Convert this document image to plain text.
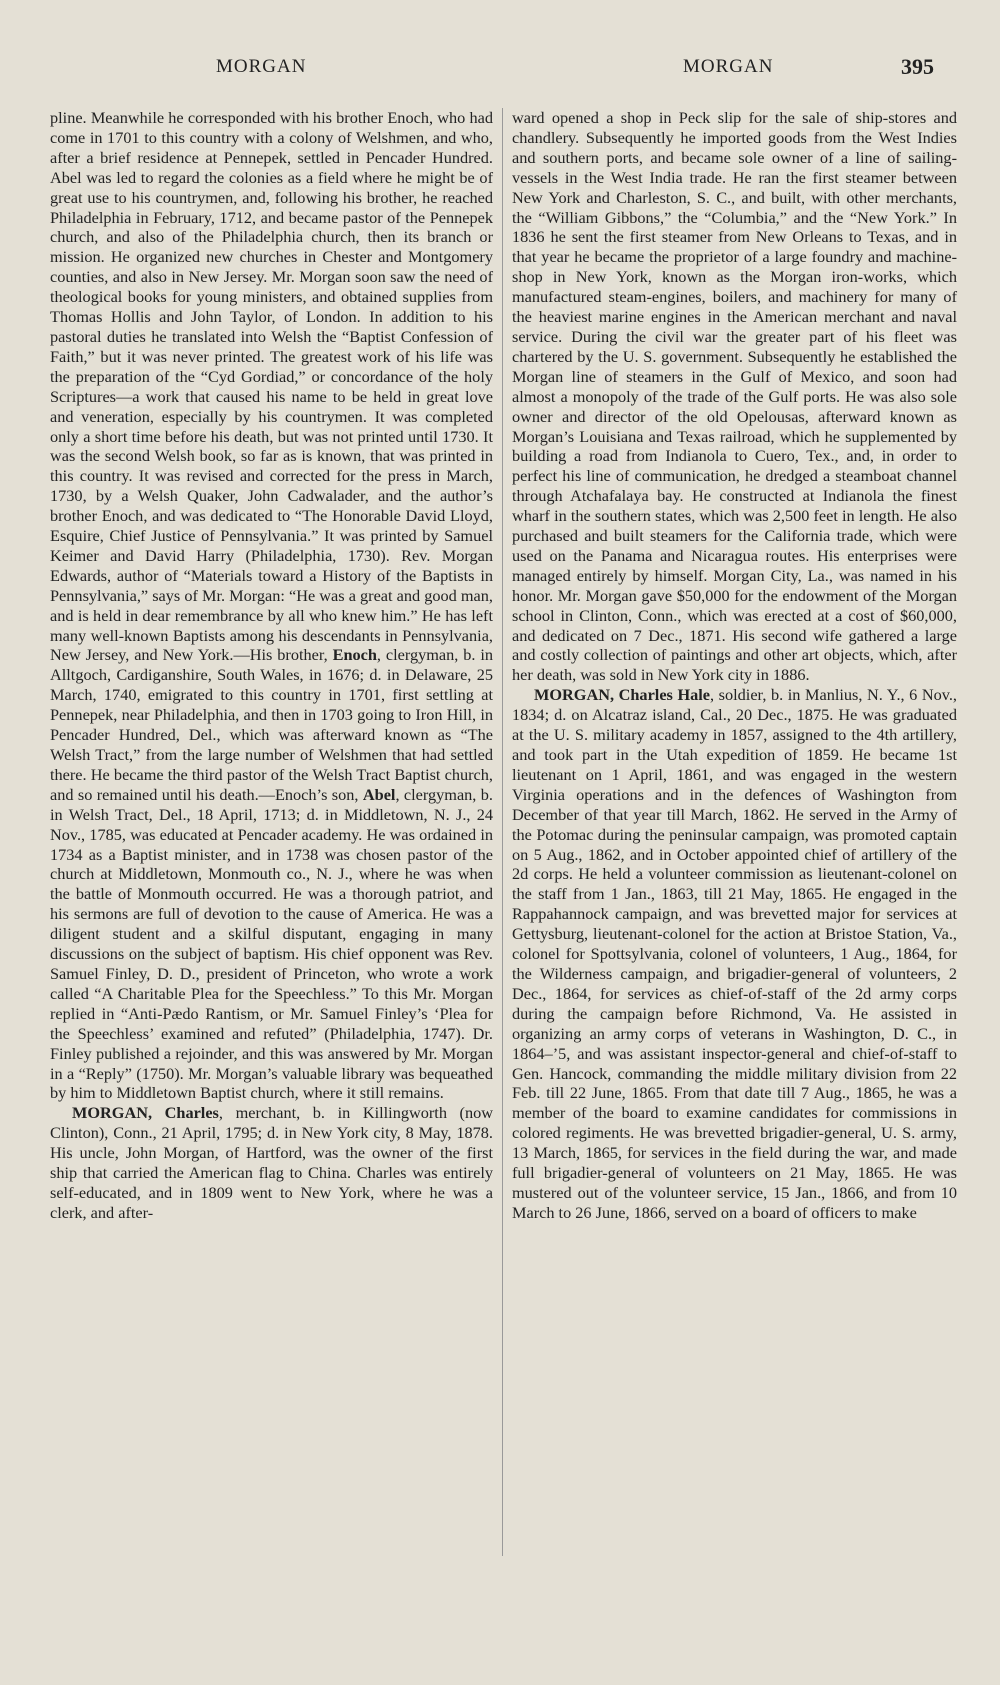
MORGAN	MORGAN	395

pline. Meanwhile he corresponded with his brother Enoch, who had come in 1701 to this country with a colony of Welshmen, and who, after a brief residence at Pennepek, settled in Pencader Hundred. Abel was led to regard the colonies as a field where he might be of great use to his countrymen, and, following his brother, he reached Philadelphia in February, 1712, and became pastor of the Pennepek church, and also of the Philadelphia church, then its branch or mission. He organized new churches in Chester and Montgomery counties, and also in New Jersey. Mr. Morgan soon saw the need of theological books for young ministers, and obtained supplies from Thomas Hollis and John Taylor, of London. In addition to his pastoral duties he translated into Welsh the “Baptist Confession of Faith,” but it was never printed. The greatest work of his life was the preparation of the “Cyd Gordiad,” or concordance of the holy Scriptures—a work that caused his name to be held in great love and veneration, especially by his countrymen. It was completed only a short time before his death, but was not printed until 1730. It was the second Welsh book, so far as is known, that was printed in this country. It was revised and corrected for the press in March, 1730, by a Welsh Quaker, John Cadwalader, and the author’s brother Enoch, and was dedicated to “The Honorable David Lloyd, Esquire, Chief Justice of Pennsylvania.” It was printed by Samuel Keimer and David Harry (Philadelphia, 1730). Rev. Morgan Edwards, author of “Materials toward a History of the Baptists in Pennsylvania,” says of Mr. Morgan: “He was a great and good man, and is held in dear remembrance by all who knew him.” He has left many well-known Baptists among his descendants in Pennsylvania, New Jersey, and New York.—His brother, Enoch, clergyman, b. in Alltgoch, Cardiganshire, South Wales, in 1676; d. in Delaware, 25 March, 1740, emigrated to this country in 1701, first settling at Pennepek, near Philadelphia, and then in 1703 going to Iron Hill, in Pencader Hundred, Del., which was afterward known as “The Welsh Tract,” from the large number of Welshmen that had settled there. He became the third pastor of the Welsh Tract Baptist church, and so remained until his death.—Enoch’s son, Abel, clergyman, b. in Welsh Tract, Del., 18 April, 1713; d. in Middletown, N. J., 24 Nov., 1785, was educated at Pencader academy. He was ordained in 1734 as a Baptist minister, and in 1738 was chosen pastor of the church at Middletown, Monmouth co., N. J., where he was when the battle of Monmouth occurred. He was a thorough patriot, and his sermons are full of devotion to the cause of America. He was a diligent student and a skilful disputant, engaging in many discussions on the subject of baptism. His chief opponent was Rev. Samuel Finley, D. D., president of Princeton, who wrote a work called “A Charitable Plea for the Speechless.” To this Mr. Morgan replied in “Anti-Pædo Rantism, or Mr. Samuel Finley’s ‘Plea for the Speechless’ examined and refuted” (Philadelphia, 1747). Dr. Finley published a rejoinder, and this was answered by Mr. Morgan in a “Reply” (1750). Mr. Morgan’s valuable library was bequeathed by him to Middletown Baptist church, where it still remains.

MORGAN, Charles, merchant, b. in Killingworth (now Clinton), Conn., 21 April, 1795; d. in New York city, 8 May, 1878. His uncle, John Morgan, of Hartford, was the owner of the first ship that carried the American flag to China. Charles was entirely self-educated, and in 1809 went to New York, where he was a clerk, and after-

ward opened a shop in Peck slip for the sale of ship-stores and chandlery. Subsequently he imported goods from the West Indies and southern ports, and became sole owner of a line of sailing-vessels in the West India trade. He ran the first steamer between New York and Charleston, S. C., and built, with other merchants, the “William Gibbons,” the “Columbia,” and the “New York.” In 1836 he sent the first steamer from New Orleans to Texas, and in that year he became the proprietor of a large foundry and machine-shop in New York, known as the Morgan iron-works, which manufactured steam-engines, boilers, and machinery for many of the heaviest marine engines in the American merchant and naval service. During the civil war the greater part of his fleet was chartered by the U. S. government. Subsequently he established the Morgan line of steamers in the Gulf of Mexico, and soon had almost a monopoly of the trade of the Gulf ports. He was also sole owner and director of the old Opelousas, afterward known as Morgan’s Louisiana and Texas railroad, which he supplemented by building a road from Indianola to Cuero, Tex., and, in order to perfect his line of communication, he dredged a steamboat channel through Atchafalaya bay. He constructed at Indianola the finest wharf in the southern states, which was 2,500 feet in length. He also purchased and built steamers for the California trade, which were used on the Panama and Nicaragua routes. His enterprises were managed entirely by himself. Morgan City, La., was named in his honor. Mr. Morgan gave $50,000 for the endowment of the Morgan school in Clinton, Conn., which was erected at a cost of $60,000, and dedicated on 7 Dec., 1871. His second wife gathered a large and costly collection of paintings and other art objects, which, after her death, was sold in New York city in 1886.

MORGAN, Charles Hale, soldier, b. in Manlius, N. Y., 6 Nov., 1834; d. on Alcatraz island, Cal., 20 Dec., 1875. He was graduated at the U. S. military academy in 1857, assigned to the 4th artillery, and took part in the Utah expedition of 1859. He became 1st lieutenant on 1 April, 1861, and was engaged in the western Virginia operations and in the defences of Washington from December of that year till March, 1862. He served in the Army of the Potomac during the peninsular campaign, was promoted captain on 5 Aug., 1862, and in October appointed chief of artillery of the 2d corps. He held a volunteer commission as lieutenant-colonel on the staff from 1 Jan., 1863, till 21 May, 1865. He engaged in the Rappahannock campaign, and was brevetted major for services at Gettysburg, lieutenant-colonel for the action at Bristoe Station, Va., colonel for Spottsylvania, colonel of volunteers, 1 Aug., 1864, for the Wilderness campaign, and brigadier-general of volunteers, 2 Dec., 1864, for services as chief-of-staff of the 2d army corps during the campaign before Richmond, Va. He assisted in organizing an army corps of veterans in Washington, D. C., in 1864–’5, and was assistant inspector-general and chief-of-staff to Gen. Hancock, commanding the middle military division from 22 Feb. till 22 June, 1865. From that date till 7 Aug., 1865, he was a member of the board to examine candidates for commissions in colored regiments. He was brevetted brigadier-general, U. S. army, 13 March, 1865, for services in the field during the war, and made full brigadier-general of volunteers on 21 May, 1865. He was mustered out of the volunteer service, 15 Jan., 1866, and from 10 March to 26 June, 1866, served on a board of officers to make
